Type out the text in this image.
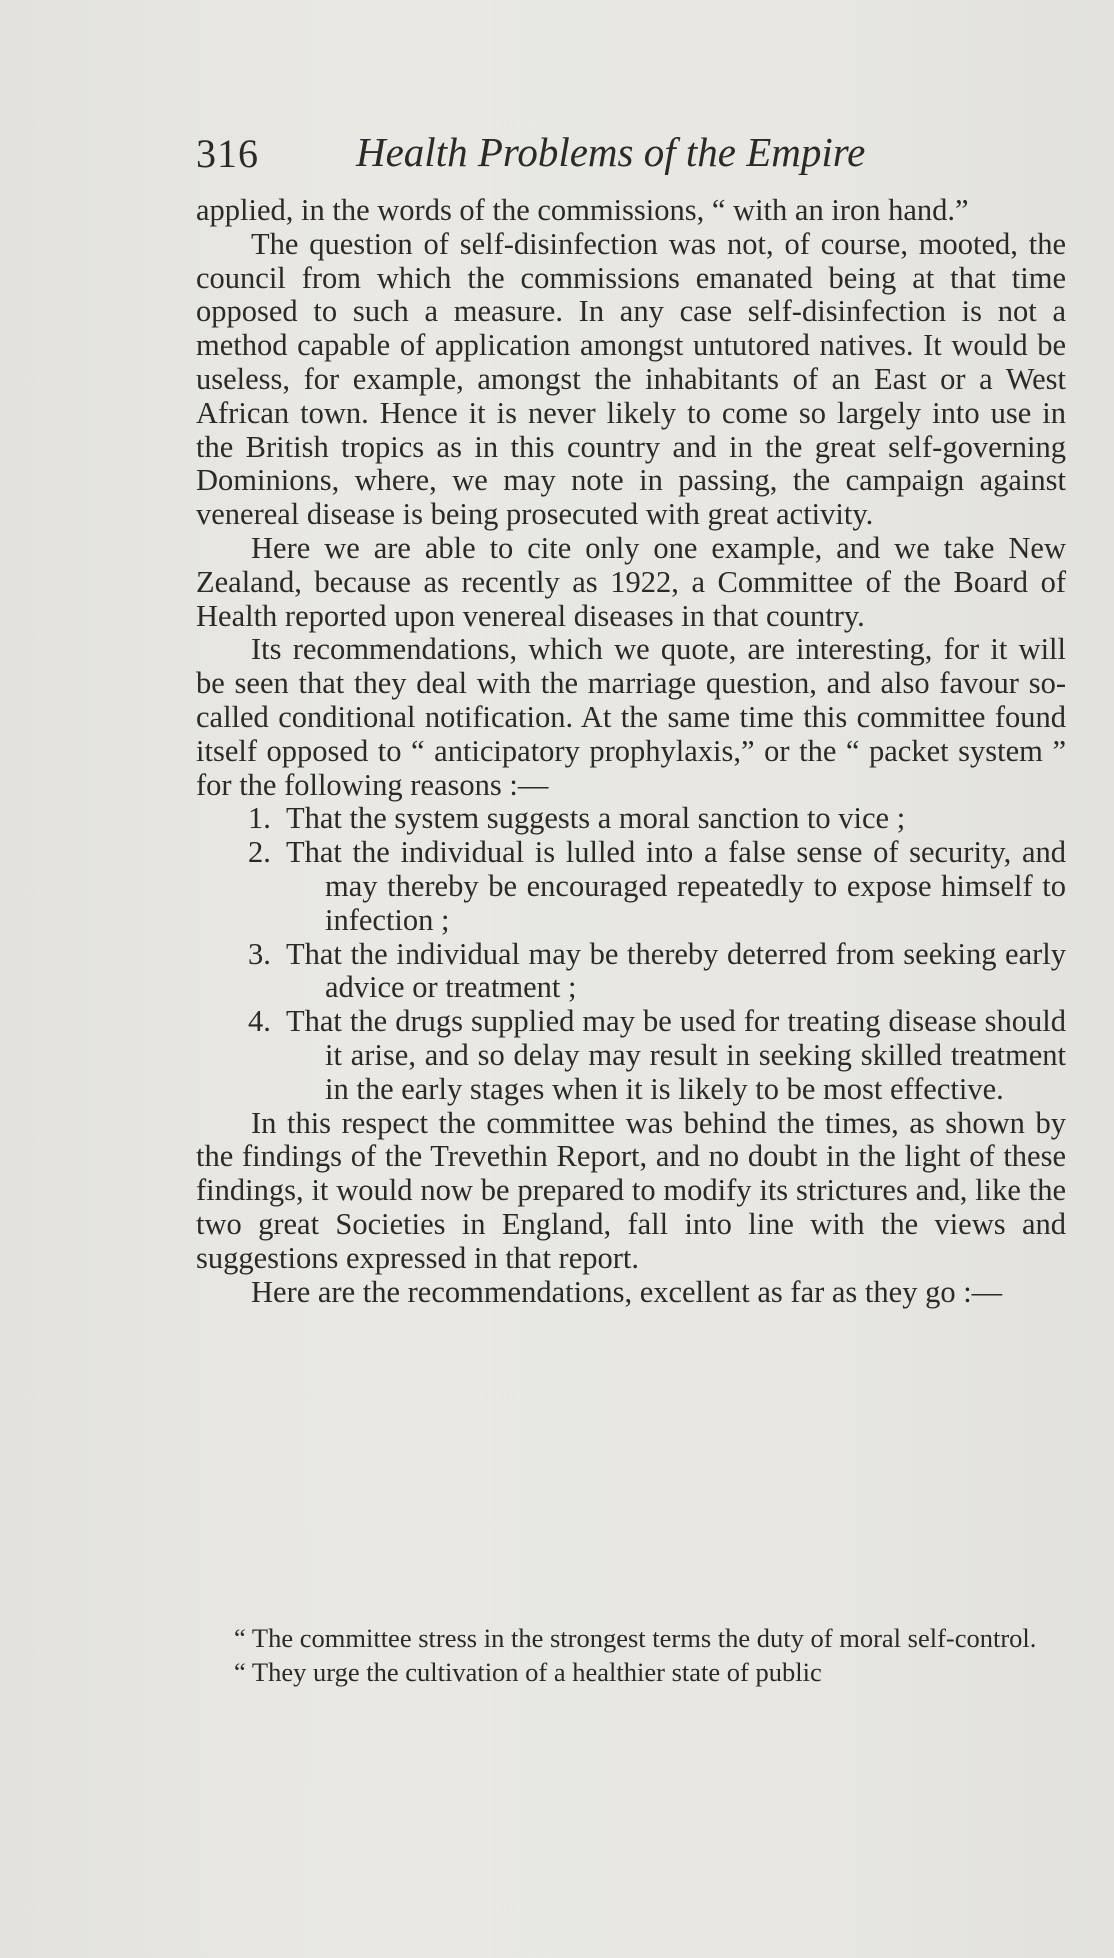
316 Health Problems of the Empire

applied, in the words of the commissions, “ with an iron hand.”

The question of self-disinfection was not, of course, mooted, the council from which the commissions emanated being at that time opposed to such a measure. In any case self-disinfection is not a method capable of application amongst untutored natives. It would be useless, for example, amongst the inhabitants of an East or a West African town. Hence it is never likely to come so largely into use in the British tropics as in this country and in the great self-governing Dominions, where, we may note in passing, the campaign against venereal disease is being prosecuted with great activity.

Here we are able to cite only one example, and we take New Zealand, because as recently as 1922, a Committee of the Board of Health reported upon venereal diseases in that country.

Its recommendations, which we quote, are interesting, for it will be seen that they deal with the marriage question, and also favour so-called conditional notification. At the same time this committee found itself opposed to “ anticipatory prophylaxis,” or the “ packet system ” for the following reasons :—

1. That the system suggests a moral sanction to vice ;

2. That the individual is lulled into a false sense of security, and may thereby be encouraged repeatedly to expose himself to infection ;

3. That the individual may be thereby deterred from seeking early advice or treatment ;

4. That the drugs supplied may be used for treating disease should it arise, and so delay may result in seeking skilled treatment in the early stages when it is likely to be most effective.

In this respect the committee was behind the times, as shown by the findings of the Trevethin Report, and no doubt in the light of these findings, it would now be prepared to modify its strictures and, like the two great Societies in England, fall into line with the views and suggestions expressed in that report.

Here are the recommendations, excellent as far as they go :—

“ The committee stress in the strongest terms the duty of moral self-control.

“ They urge the cultivation of a healthier state of public
